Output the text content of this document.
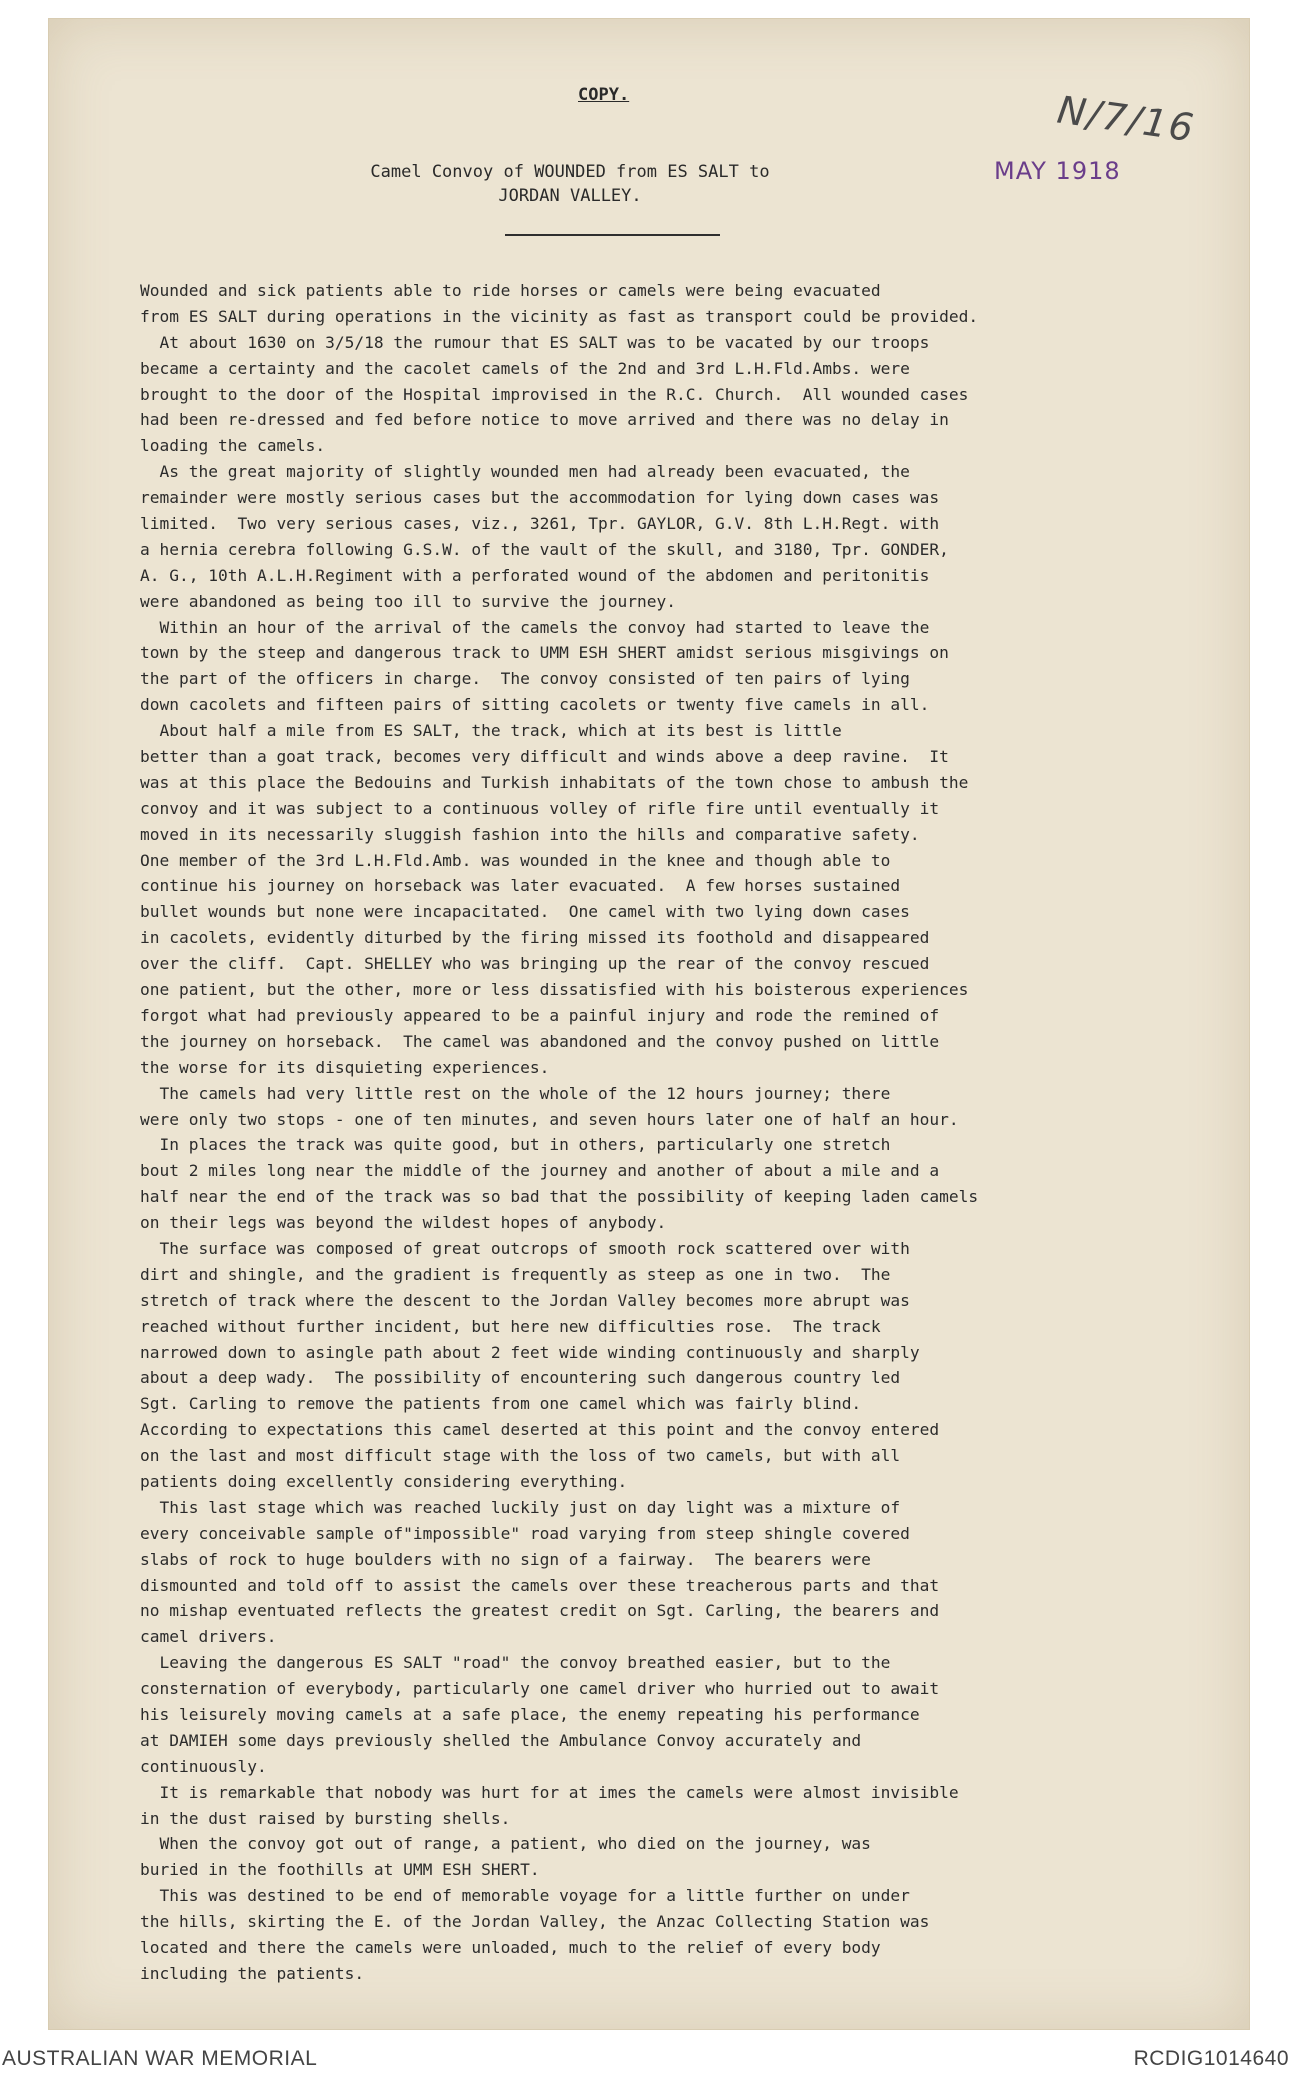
N/7/16
MAY 1918
COPY.
Camel Convoy of WOUNDED from ES SALT to
JORDAN VALLEY.
Wounded and sick patients able to ride horses or camels were being evacuated
from ES SALT during operations in the vicinity as fast as transport could be provided.
At about 1630 on 3/5/18 the rumour that ES SALT was to be vacated by our troops
became a certainty and the cacolet camels of the 2nd and 3rd L.H.Fld.Ambs. were
brought to the door of the Hospital improvised in the R.C. Church.  All wounded cases
had been re-dressed and fed before notice to move arrived and there was no delay in
loading the camels.
As the great majority of slightly wounded men had already been evacuated, the
remainder were mostly serious cases but the accommodation for lying down cases was
limited.  Two very serious cases, viz., 3261, Tpr. GAYLOR, G.V. 8th L.H.Regt. with
a hernia cerebra following G.S.W. of the vault of the skull, and 3180, Tpr. GONDER,
A. G., 10th A.L.H.Regiment with a perforated wound of the abdomen and peritonitis
were abandoned as being too ill to survive the journey.
Within an hour of the arrival of the camels the convoy had started to leave the
town by the steep and dangerous track to UMM ESH SHERT amidst serious misgivings on
the part of the officers in charge.  The convoy consisted of ten pairs of lying
down cacolets and fifteen pairs of sitting cacolets or twenty five camels in all.
About half a mile from ES SALT, the track, which at its best is little
better than a goat track, becomes very difficult and winds above a deep ravine.  It
was at this place the Bedouins and Turkish inhabitats of the town chose to ambush the
convoy and it was subject to a continuous volley of rifle fire until eventually it
moved in its necessarily sluggish fashion into the hills and comparative safety.
One member of the 3rd L.H.Fld.Amb. was wounded in the knee and though able to
continue his journey on horseback was later evacuated.  A few horses sustained
bullet wounds but none were incapacitated.  One camel with two lying down cases
in cacolets, evidently diturbed by the firing missed its foothold and disappeared
over the cliff.  Capt. SHELLEY who was bringing up the rear of the convoy rescued
one patient, but the other, more or less dissatisfied with his boisterous experiences
forgot what had previously appeared to be a painful injury and rode the remined of
the journey on horseback.  The camel was abandoned and the convoy pushed on little
the worse for its disquieting experiences.
The camels had very little rest on the whole of the 12 hours journey; there
were only two stops - one of ten minutes, and seven hours later one of half an hour.
In places the track was quite good, but in others, particularly one stretch
bout 2 miles long near the middle of the journey and another of about a mile and a
half near the end of the track was so bad that the possibility of keeping laden camels
on their legs was beyond the wildest hopes of anybody.
The surface was composed of great outcrops of smooth rock scattered over with
dirt and shingle, and the gradient is frequently as steep as one in two.  The
stretch of track where the descent to the Jordan Valley becomes more abrupt was
reached without further incident, but here new difficulties rose.  The track
narrowed down to asingle path about 2 feet wide winding continuously and sharply
about a deep wady.  The possibility of encountering such dangerous country led
Sgt. Carling to remove the patients from one camel which was fairly blind.
According to expectations this camel deserted at this point and the convoy entered
on the last and most difficult stage with the loss of two camels, but with all
patients doing excellently considering everything.
This last stage which was reached luckily just on day light was a mixture of
every conceivable sample of"impossible" road varying from steep shingle covered
slabs of rock to huge boulders with no sign of a fairway.  The bearers were
dismounted and told off to assist the camels over these treacherous parts and that
no mishap eventuated reflects the greatest credit on Sgt. Carling, the bearers and
camel drivers.
Leaving the dangerous ES SALT "road" the convoy breathed easier, but to the
consternation of everybody, particularly one camel driver who hurried out to await
his leisurely moving camels at a safe place, the enemy repeating his performance
at DAMIEH some days previously shelled the Ambulance Convoy accurately and
continuously.
It is remarkable that nobody was hurt for at imes the camels were almost invisible
in the dust raised by bursting shells.
When the convoy got out of range, a patient, who died on the journey, was
buried in the foothills at UMM ESH SHERT.
This was destined to be end of memorable voyage for a little further on under
the hills, skirting the E. of the Jordan Valley, the Anzac Collecting Station was
located and there the camels were unloaded, much to the relief of every body
including the patients.
AUSTRALIAN WAR MEMORIAL	RCDIG1014640
